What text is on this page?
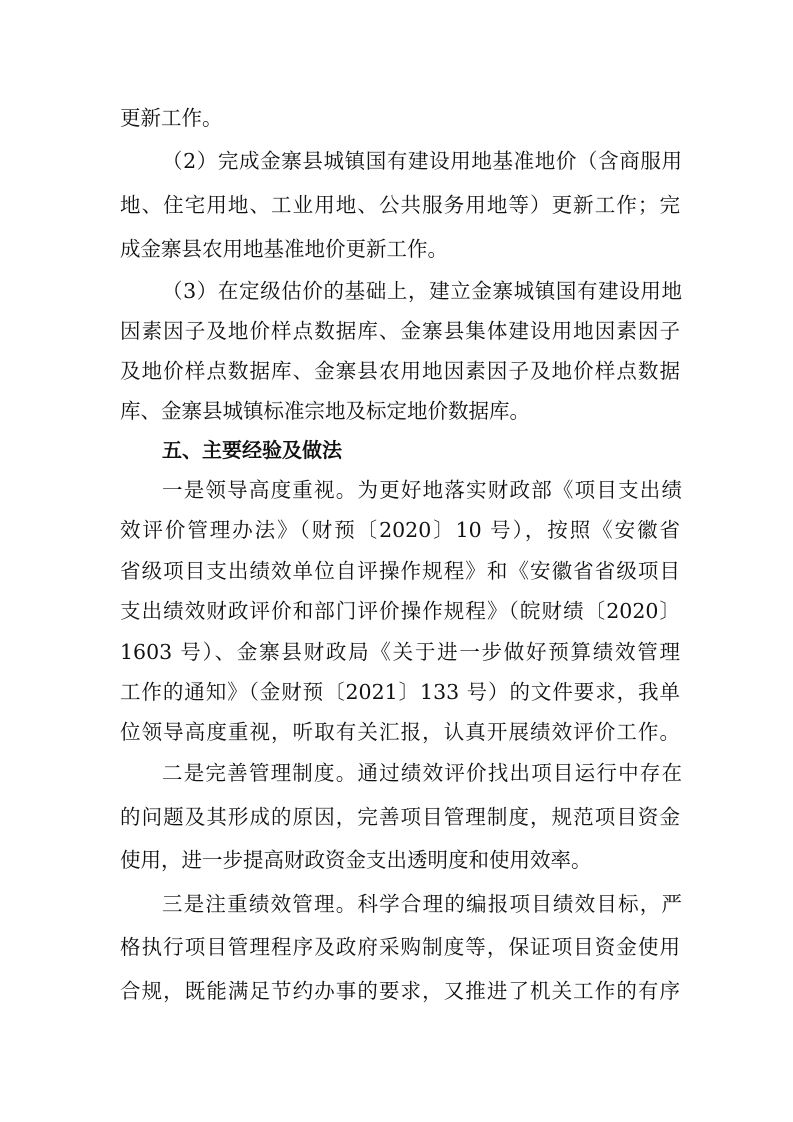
更新工作。
（2）完成金寨县城镇国有建设用地基准地价（含商服用
地、住宅用地、工业用地、公共服务用地等）更新工作；完
成金寨县农用地基准地价更新工作。
（3）在定级估价的基础上，建立金寨城镇国有建设用地
因素因子及地价样点数据库、金寨县集体建设用地因素因子
及地价样点数据库、金寨县农用地因素因子及地价样点数据
库、金寨县城镇标准宗地及标定地价数据库。
五、主要经验及做法
一是领导高度重视。为更好地落实财政部《项目支出绩
效评价管理办法》（财预〔2020〕10 号），按照《安徽省
省级项目支出绩效单位自评操作规程》和《安徽省省级项目
支出绩效财政评价和部门评价操作规程》（皖财绩〔2020〕
1603 号）、金寨县财政局《关于进一步做好预算绩效管理
工作的通知》（金财预〔2021〕133 号）的文件要求，我单
位领导高度重视，听取有关汇报，认真开展绩效评价工作。
二是完善管理制度。通过绩效评价找出项目运行中存在
的问题及其形成的原因，完善项目管理制度，规范项目资金
使用，进一步提高财政资金支出透明度和使用效率。
三是注重绩效管理。科学合理的编报项目绩效目标，严
格执行项目管理程序及政府采购制度等，保证项目资金使用
合规，既能满足节约办事的要求，又推进了机关工作的有序
